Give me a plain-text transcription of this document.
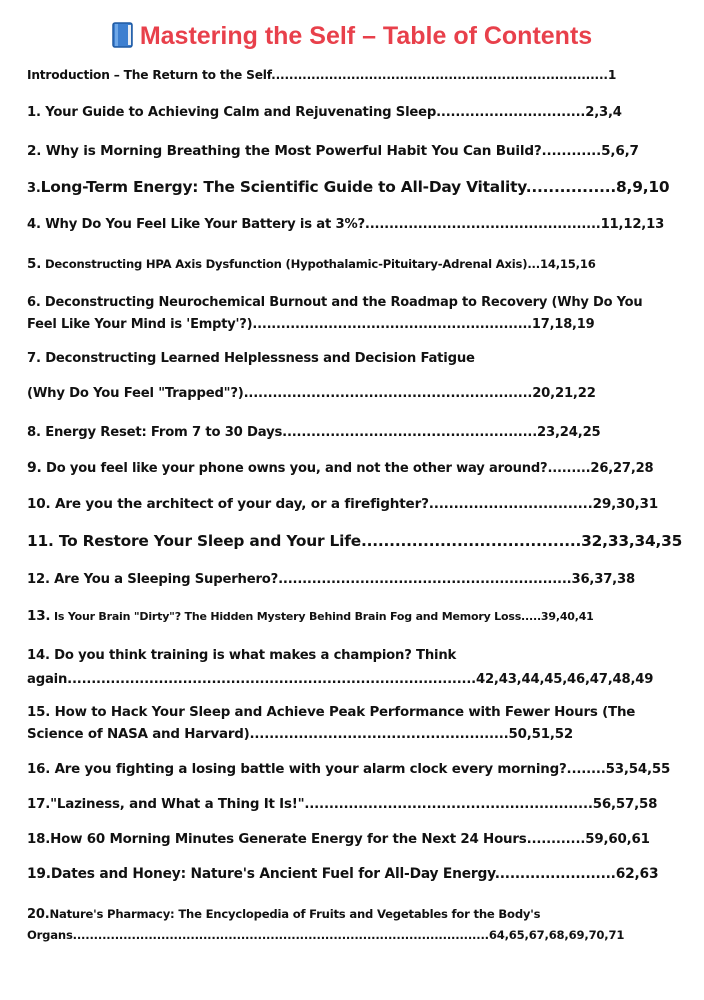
Mastering the Self – Table of Contents
Introduction – The Return to the Self............................................................................1
1. Your Guide to Achieving Calm and Rejuvenating Sleep...............................2,3,4
2. Why is Morning Breathing the Most Powerful Habit You Can Build?............5,6,7
3.Long-Term Energy: The Scientific Guide to All-Day Vitality................8,9,10
4. Why Do You Feel Like Your Battery is at 3%?.................................................11,12,13
5. Deconstructing HPA Axis Dysfunction (Hypothalamic-Pituitary-Adrenal Axis)...14,15,16
6. Deconstructing Neurochemical Burnout and the Roadmap to Recovery (Why Do You
Feel Like Your Mind is 'Empty'?)...........................................................17,18,19
7. Deconstructing Learned Helplessness and Decision Fatigue
(Why Do You Feel "Trapped"?)............................................................20,21,22
8. Energy Reset: From 7 to 30 Days.....................................................23,24,25
9. Do you feel like your phone owns you, and not the other way around?.........26,27,28
10. Are you the architect of your day, or a firefighter?.................................29,30,31
11. To Restore Your Sleep and Your Life.......................................32,33,34,35
12. Are You a Sleeping Superhero?.............................................................36,37,38
13. Is Your Brain "Dirty"? The Hidden Mystery Behind Brain Fog and Memory Loss.....39,40,41
14. Do you think training is what makes a champion? Think
again.....................................................................................42,43,44,45,46,47,48,49
15. How to Hack Your Sleep and Achieve Peak Performance with Fewer Hours (The
Science of NASA and Harvard).....................................................50,51,52
16. Are you fighting a losing battle with your alarm clock every morning?........53,54,55
17."Laziness, and What a Thing It Is!"...........................................................56,57,58
18.How 60 Morning Minutes Generate Energy for the Next 24 Hours............59,60,61
19.Dates and Honey: Nature's Ancient Fuel for All-Day Energy........................62,63
20.Nature's Pharmacy: The Encyclopedia of Fruits and Vegetables for the Body's
Organs...................................................................................................64,65,67,68,69,70,71
